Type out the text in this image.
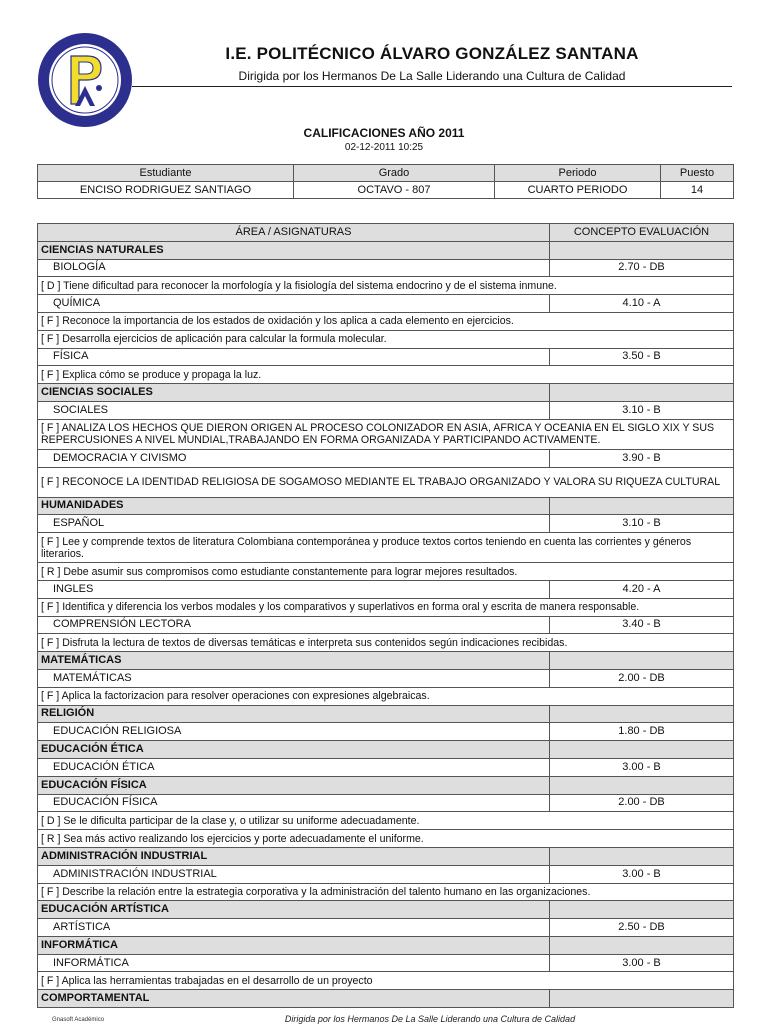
I.E. POLITÉCNICO ÁLVARO GONZÁLEZ SANTANA
Dirigida por los Hermanos De La Salle Liderando una Cultura de Calidad
CALIFICACIONES AÑO 2011
02-12-2011 10:25
Estudiante	Grado	Periodo	Puesto
ENCISO RODRIGUEZ SANTIAGO	OCTAVO - 807	CUARTO PERIODO	14
ÁREA / ASIGNATURAS	CONCEPTO EVALUACIÓN
CIENCIAS NATURALES	
BIOLOGÍA	2.70 - DB
[ D ] Tiene dificultad para reconocer la morfología y la fisiología del sistema endocrino y de el sistema inmune.	
QUÍMICA	4.10 - A
[ F ] Reconoce la importancia de los estados de oxidación y los aplica a cada elemento en ejercicios.	
[ F ] Desarrolla ejercicios de aplicación para calcular la formula molecular.	
FÍSICA	3.50 - B
[ F ] Explica cómo se produce y propaga la luz.	
CIENCIAS SOCIALES	
SOCIALES	3.10 - B
[ F ] ANALIZA LOS HECHOS QUE DIERON ORIGEN AL PROCESO COLONIZADOR EN ASIA, AFRICA Y OCEANIA EN EL SIGLO XIX Y SUS REPERCUSIONES A NIVEL MUNDIAL,TRABAJANDO EN FORMA ORGANIZADA Y PARTICIPANDO ACTIVAMENTE.	
DEMOCRACIA Y CIVISMO	3.90 - B
[ F ] RECONOCE LA IDENTIDAD RELIGIOSA DE SOGAMOSO MEDIANTE EL TRABAJO ORGANIZADO Y VALORA SU RIQUEZA CULTURAL	
HUMANIDADES	
ESPAÑOL	3.10 - B
[ F ] Lee y comprende textos de literatura Colombiana contemporánea y produce textos cortos teniendo en cuenta las corrientes y géneros literarios.	
[ R ] Debe asumir sus compromisos como estudiante constantemente para lograr mejores resultados.	
INGLES	4.20 - A
[ F ] Identifica y diferencia los verbos modales y los comparativos y superlativos en forma oral y escrita de manera responsable.	
COMPRENSIÓN LECTORA	3.40 - B
[ F ] Disfruta la lectura de textos de diversas temáticas e interpreta sus contenidos según indicaciones recibidas.	
MATEMÁTICAS	
MATEMÁTICAS	2.00 - DB
[ F ] Aplica la factorizacion para resolver operaciones con expresiones algebraicas.	
RELIGIÓN	
EDUCACIÓN RELIGIOSA	1.80 - DB
EDUCACIÓN ÉTICA	
EDUCACIÓN ÉTICA	3.00 - B
EDUCACIÓN FÍSICA	
EDUCACIÓN FÍSICA	2.00 - DB
[ D ] Se le dificulta participar de la clase y, o utilizar su uniforme adecuadamente.	
[ R ] Sea más activo realizando los ejercicios y porte adecuadamente el uniforme.	
ADMINISTRACIÓN INDUSTRIAL	
ADMINISTRACIÓN INDUSTRIAL	3.00 - B
[ F ] Describe la relación entre la estrategia corporativa y la administración del talento humano en las organizaciones.	
EDUCACIÓN ARTÍSTICA	
ARTÍSTICA	2.50 - DB
INFORMÁTICA	
INFORMÁTICA	3.00 - B
[ F ] Aplica las herramientas trabajadas en el desarrollo de un proyecto	
COMPORTAMENTAL	
Gnasoft Académico	Dirigida por los Hermanos De La Salle Liderando una Cultura de Calidad
